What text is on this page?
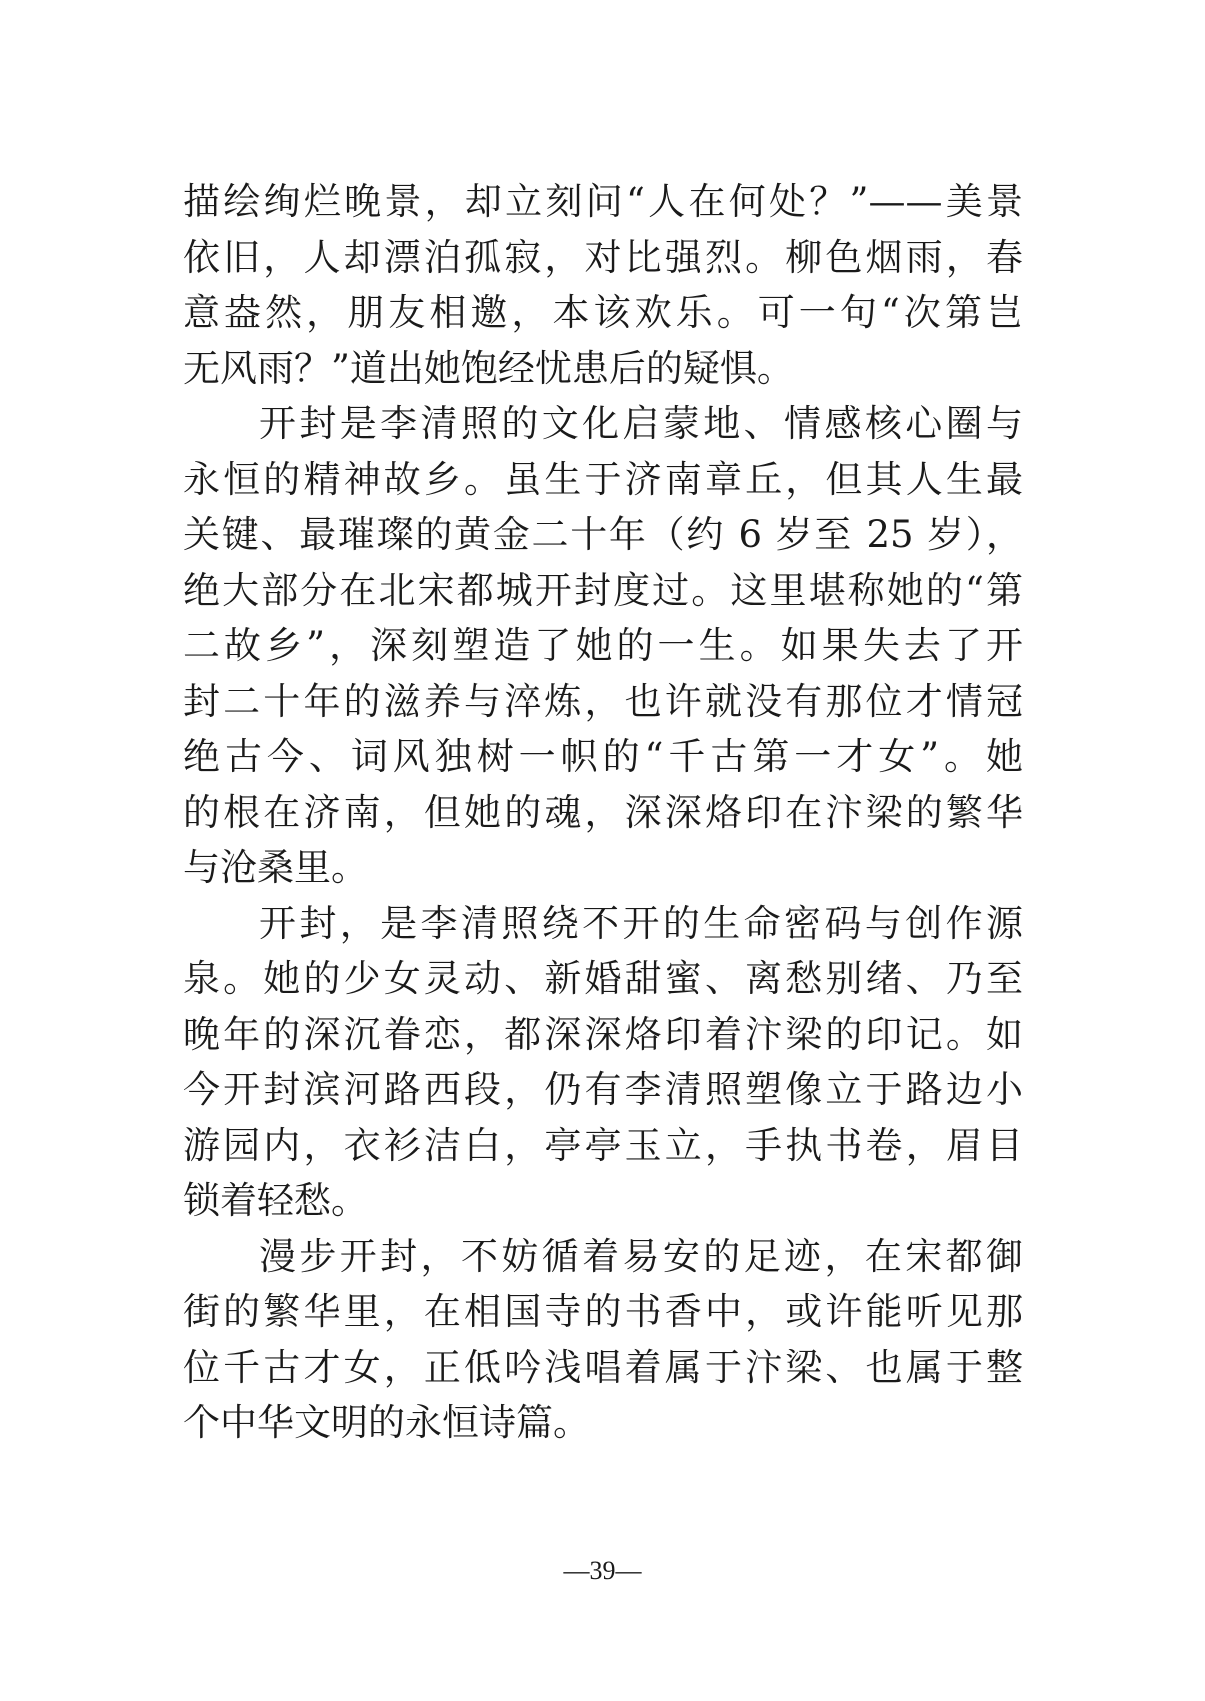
描绘绚烂晚景，却立刻问“人在何处？”——美景
依旧，人却漂泊孤寂，对比强烈。柳色烟雨，春
意盎然，朋友相邀，本该欢乐。可一句“次第岂
无风雨？”道出她饱经忧患后的疑惧。
开封是李清照的文化启蒙地、情感核心圈与
永恒的精神故乡。虽生于济南章丘，但其人生最
关键、最璀璨的黄金二十年（约 6 岁至 25 岁），
绝大部分在北宋都城开封度过。这里堪称她的“第
二故乡”，深刻塑造了她的一生。如果失去了开
封二十年的滋养与淬炼，也许就没有那位才情冠
绝古今、词风独树一帜的“千古第一才女”。她
的根在济南，但她的魂，深深烙印在汴梁的繁华
与沧桑里。
开封，是李清照绕不开的生命密码与创作源
泉。她的少女灵动、新婚甜蜜、离愁别绪、乃至
晚年的深沉眷恋，都深深烙印着汴梁的印记。如
今开封滨河路西段，仍有李清照塑像立于路边小
游园内，衣衫洁白，亭亭玉立，手执书卷，眉目
锁着轻愁。
漫步开封，不妨循着易安的足迹，在宋都御
街的繁华里，在相国寺的书香中，或许能听见那
位千古才女，正低吟浅唱着属于汴梁、也属于整
个中华文明的永恒诗篇。
—39—
